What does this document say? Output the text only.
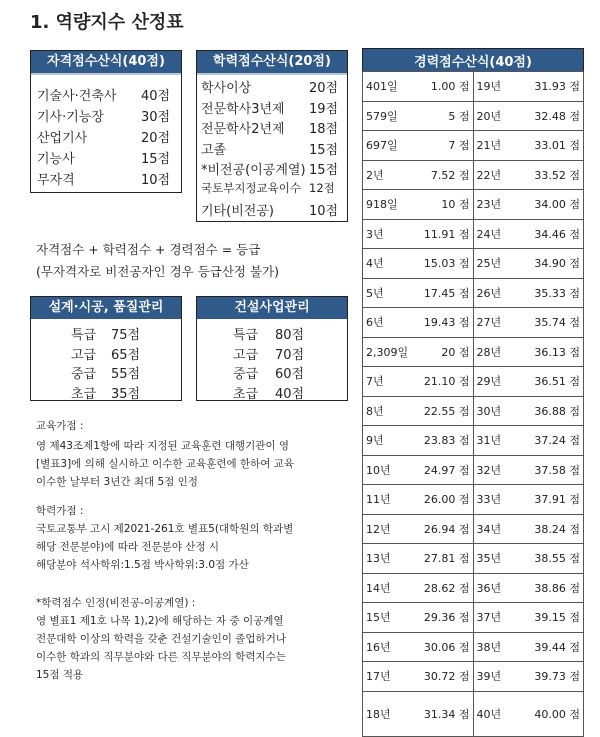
1. 역량지수 산정표
자격점수산식(40점)
기술사·건축사 40점
기사·기능장	30점
산업기사	20점
기능사	15점
무자격	10점
학력점수산식(20점)
학사이상	20점
전문학사3년제 19점
전문학사2년제 18점
고졸	15점
*비전공(이공계열) 15점
국토부지정교육이수 12점
기타(비전공)	10점
자격점수 + 학력점수 + 경력점수 = 등급
(무자격자로 비전공자인 경우 등급산정 불가)
설계·시공, 품질관리
특급 75점
고급 65점
중급 55점
초급 35점
건설사업관리
특급 80점
고급 70점
중급 60점
초급 40점
교육가점 :
영 제43조제1항에 따라 지정된 교육훈련 대행기관이 영
[별표3]에 의해 실시하고 이수한 교육훈련에 한하여 교육
이수한 날부터 3년간 최대 5점 인정
학력가점 :
국토교통부 고시 제2021-261호 별표5(대학원의 학과별
해당 전문분야)에 따라 전문분야 산정 시
해당분야 석사학위:1.5점 박사학위:3.0점 가산
*학력점수 인정(비전공-이공계열) :
영 별표1 제1호 나목 1),2)에 해당하는 자 중 이공계열
전문대학 이상의 학력을 갖춘 건설기술인이 졸업하거나
이수한 학과의 직무분야와 다른 직무분야의 학력지수는
15점 적용
경력점수산식(40점)	

401일 1.00 점	19년 31.93 점

579일 5 점	20년 32.48 점

697일 7 점	21년 33.01 점

2년 7.52 점	22년 33.52 점

918일 10 점	23년 34.00 점

3년 11.91 점	24년 34.46 점

4년 15.03 점	25년 34.90 점

5년 17.45 점	26년 35.33 점

6년 19.43 점	27년 35.74 점

2,309일 20 점	28년 36.13 점

7년 21.10 점	29년 36.51 점

8년 22.55 점	30년 36.88 점

9년 23.83 점	31년 37.24 점

10년 24.97 점	32년 37.58 점

11년 26.00 점	33년 37.91 점

12년 26.94 점	34년 38.24 점

13년 27.81 점	35년 38.55 점

14년 28.62 점	36년 38.86 점

15년 29.36 점	37년 39.15 점

16년 30.06 점	38년 39.44 점

17년 30.72 점	39년 39.73 점

18년 31.34 점	40년 40.00 점
